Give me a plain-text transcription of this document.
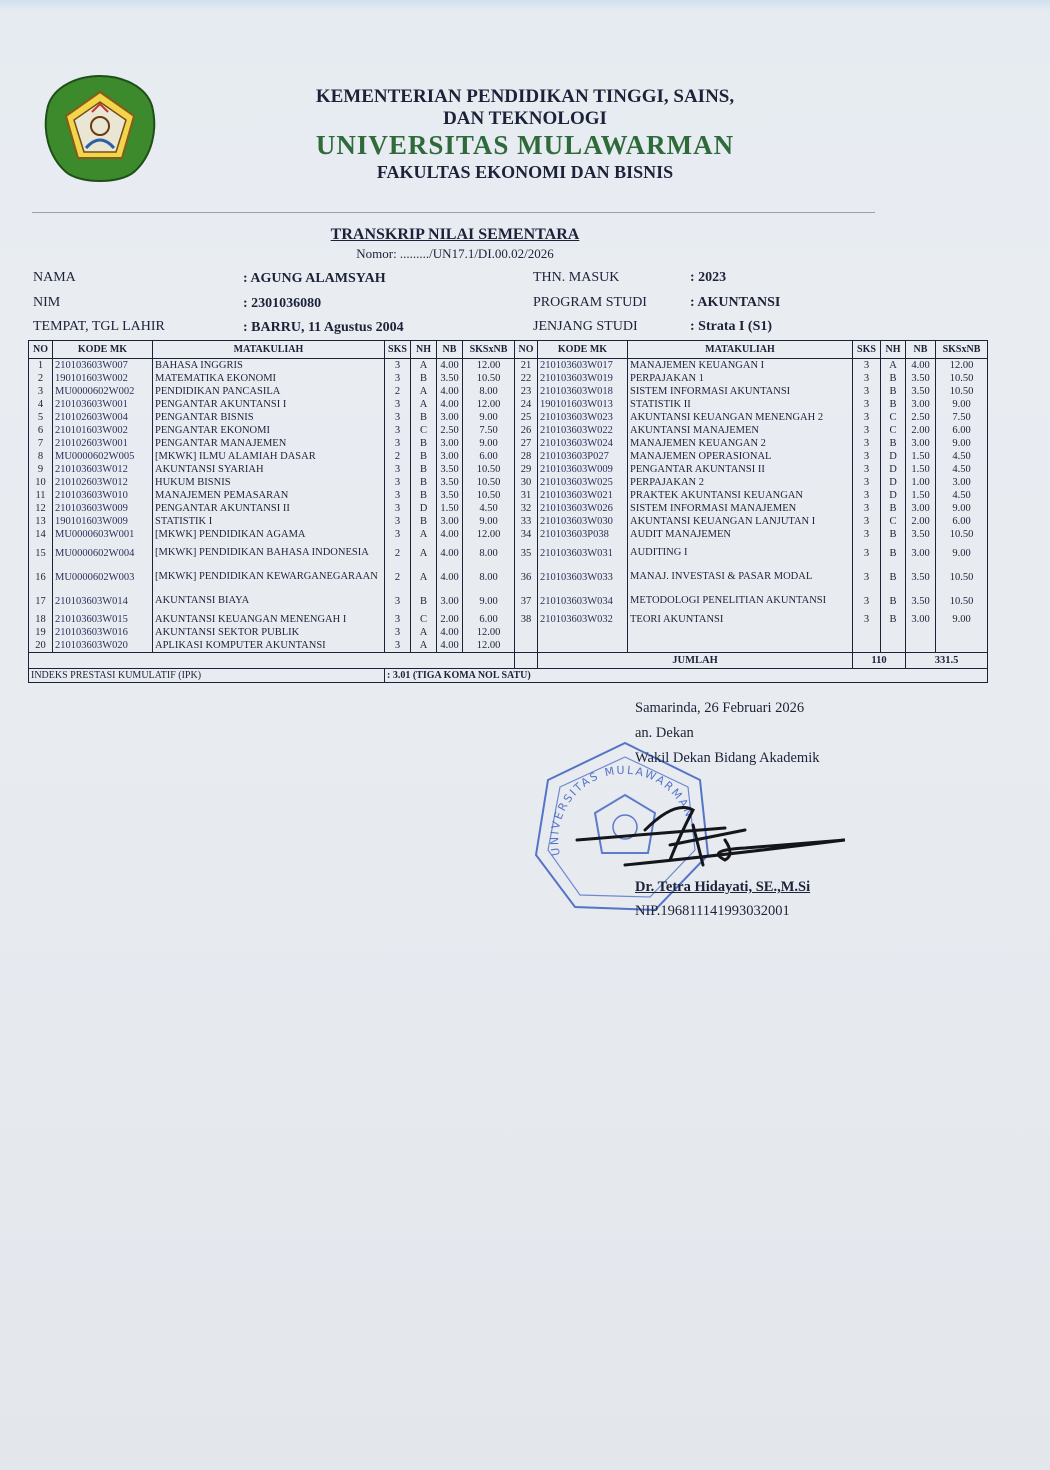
KEMENTERIAN PENDIDIKAN TINGGI, SAINS,
DAN TEKNOLOGI
UNIVERSITAS MULAWARMAN
FAKULTAS EKONOMI DAN BISNIS
TRANSKRIP NILAI SEMENTARA
Nomor: ........./UN17.1/DI.00.02/2026
NAMA	: AGUNG ALAMSYAH
NIM	: 2301036080
TEMPAT, TGL LAHIR	: BARRU, 11 Agustus 2004
THN. MASUK	: 2023
PROGRAM STUDI	: AKUNTANSI
JENJANG STUDI	: Strata I (S1)
NO	KODE MK	MATAKULIAH	SKS	NH	NB	SKSxNB	NO	KODE MK	MATAKULIAH	SKS	NH	NB	SKSxNB
1	210103603W007	BAHASA INGGRIS	3	A	4.00	12.00	21	210103603W017	MANAJEMEN KEUANGAN I	3	A	4.00	12.00
2	190101603W002	MATEMATIKA EKONOMI	3	B	3.50	10.50	22	210103603W019	PERPAJAKAN 1	3	B	3.50	10.50
3	MU0000602W002	PENDIDIKAN PANCASILA	2	A	4.00	8.00	23	210103603W018	SISTEM INFORMASI AKUNTANSI	3	B	3.50	10.50
4	210103603W001	PENGANTAR AKUNTANSI I	3	A	4.00	12.00	24	190101603W013	STATISTIK II	3	B	3.00	9.00
5	210102603W004	PENGANTAR BISNIS	3	B	3.00	9.00	25	210103603W023	AKUNTANSI KEUANGAN MENENGAH 2	3	C	2.50	7.50
6	210101603W002	PENGANTAR EKONOMI	3	C	2.50	7.50	26	210103603W022	AKUNTANSI MANAJEMEN	3	C	2.00	6.00
7	210102603W001	PENGANTAR MANAJEMEN	3	B	3.00	9.00	27	210103603W024	MANAJEMEN KEUANGAN 2	3	B	3.00	9.00
8	MU0000602W005	[MKWK] ILMU ALAMIAH DASAR	2	B	3.00	6.00	28	210103603P027	MANAJEMEN OPERASIONAL	3	D	1.50	4.50
9	210103603W012	AKUNTANSI SYARIAH	3	B	3.50	10.50	29	210103603W009	PENGANTAR AKUNTANSI II	3	D	1.50	4.50
10	210102603W012	HUKUM BISNIS	3	B	3.50	10.50	30	210103603W025	PERPAJAKAN 2	3	D	1.00	3.00
11	210103603W010	MANAJEMEN PEMASARAN	3	B	3.50	10.50	31	210103603W021	PRAKTEK AKUNTANSI KEUANGAN	3	D	1.50	4.50
12	210103603W009	PENGANTAR AKUNTANSI II	3	D	1.50	4.50	32	210103603W026	SISTEM INFORMASI MANAJEMEN	3	B	3.00	9.00
13	190101603W009	STATISTIK I	3	B	3.00	9.00	33	210103603W030	AKUNTANSI KEUANGAN LANJUTAN I	3	C	2.00	6.00
14	MU0000603W001	[MKWK] PENDIDIKAN AGAMA	3	A	4.00	12.00	34	210103603P038	AUDIT MANAJEMEN	3	B	3.50	10.50
15	MU0000602W004	[MKWK] PENDIDIKAN BAHASA INDONESIA	2	A	4.00	8.00	35	210103603W031	AUDITING I	3	B	3.00	9.00
16	MU0000602W003	[MKWK] PENDIDIKAN KEWARGANEGARAAN	2	A	4.00	8.00	36	210103603W033	MANAJ. INVESTASI & PASAR MODAL	3	B	3.50	10.50
17	210103603W014	AKUNTANSI BIAYA	3	B	3.00	9.00	37	210103603W034	METODOLOGI PENELITIAN AKUNTANSI	3	B	3.50	10.50
18	210103603W015	AKUNTANSI KEUANGAN MENENGAH I	3	C	2.00	6.00	38	210103603W032	TEORI AKUNTANSI	3	B	3.00	9.00
19	210103603W016	AKUNTANSI SEKTOR PUBLIK	3	A	4.00	12.00							
20	210103603W020	APLIKASI KOMPUTER AKUNTANSI	3	A	4.00	12.00							
								JUMLAH		110		331.5	
INDEKS PRESTASI KUMULATIF (IPK)			: 3.01 (TIGA KOMA NOL SATU)										
UNIVERSITAS MULAWARMAN
Samarinda, 26 Februari 2026
an. Dekan
Wakil Dekan Bidang Akademik
Dr. Tetra Hidayati, SE.,M.Si
NIP.196811141993032001
